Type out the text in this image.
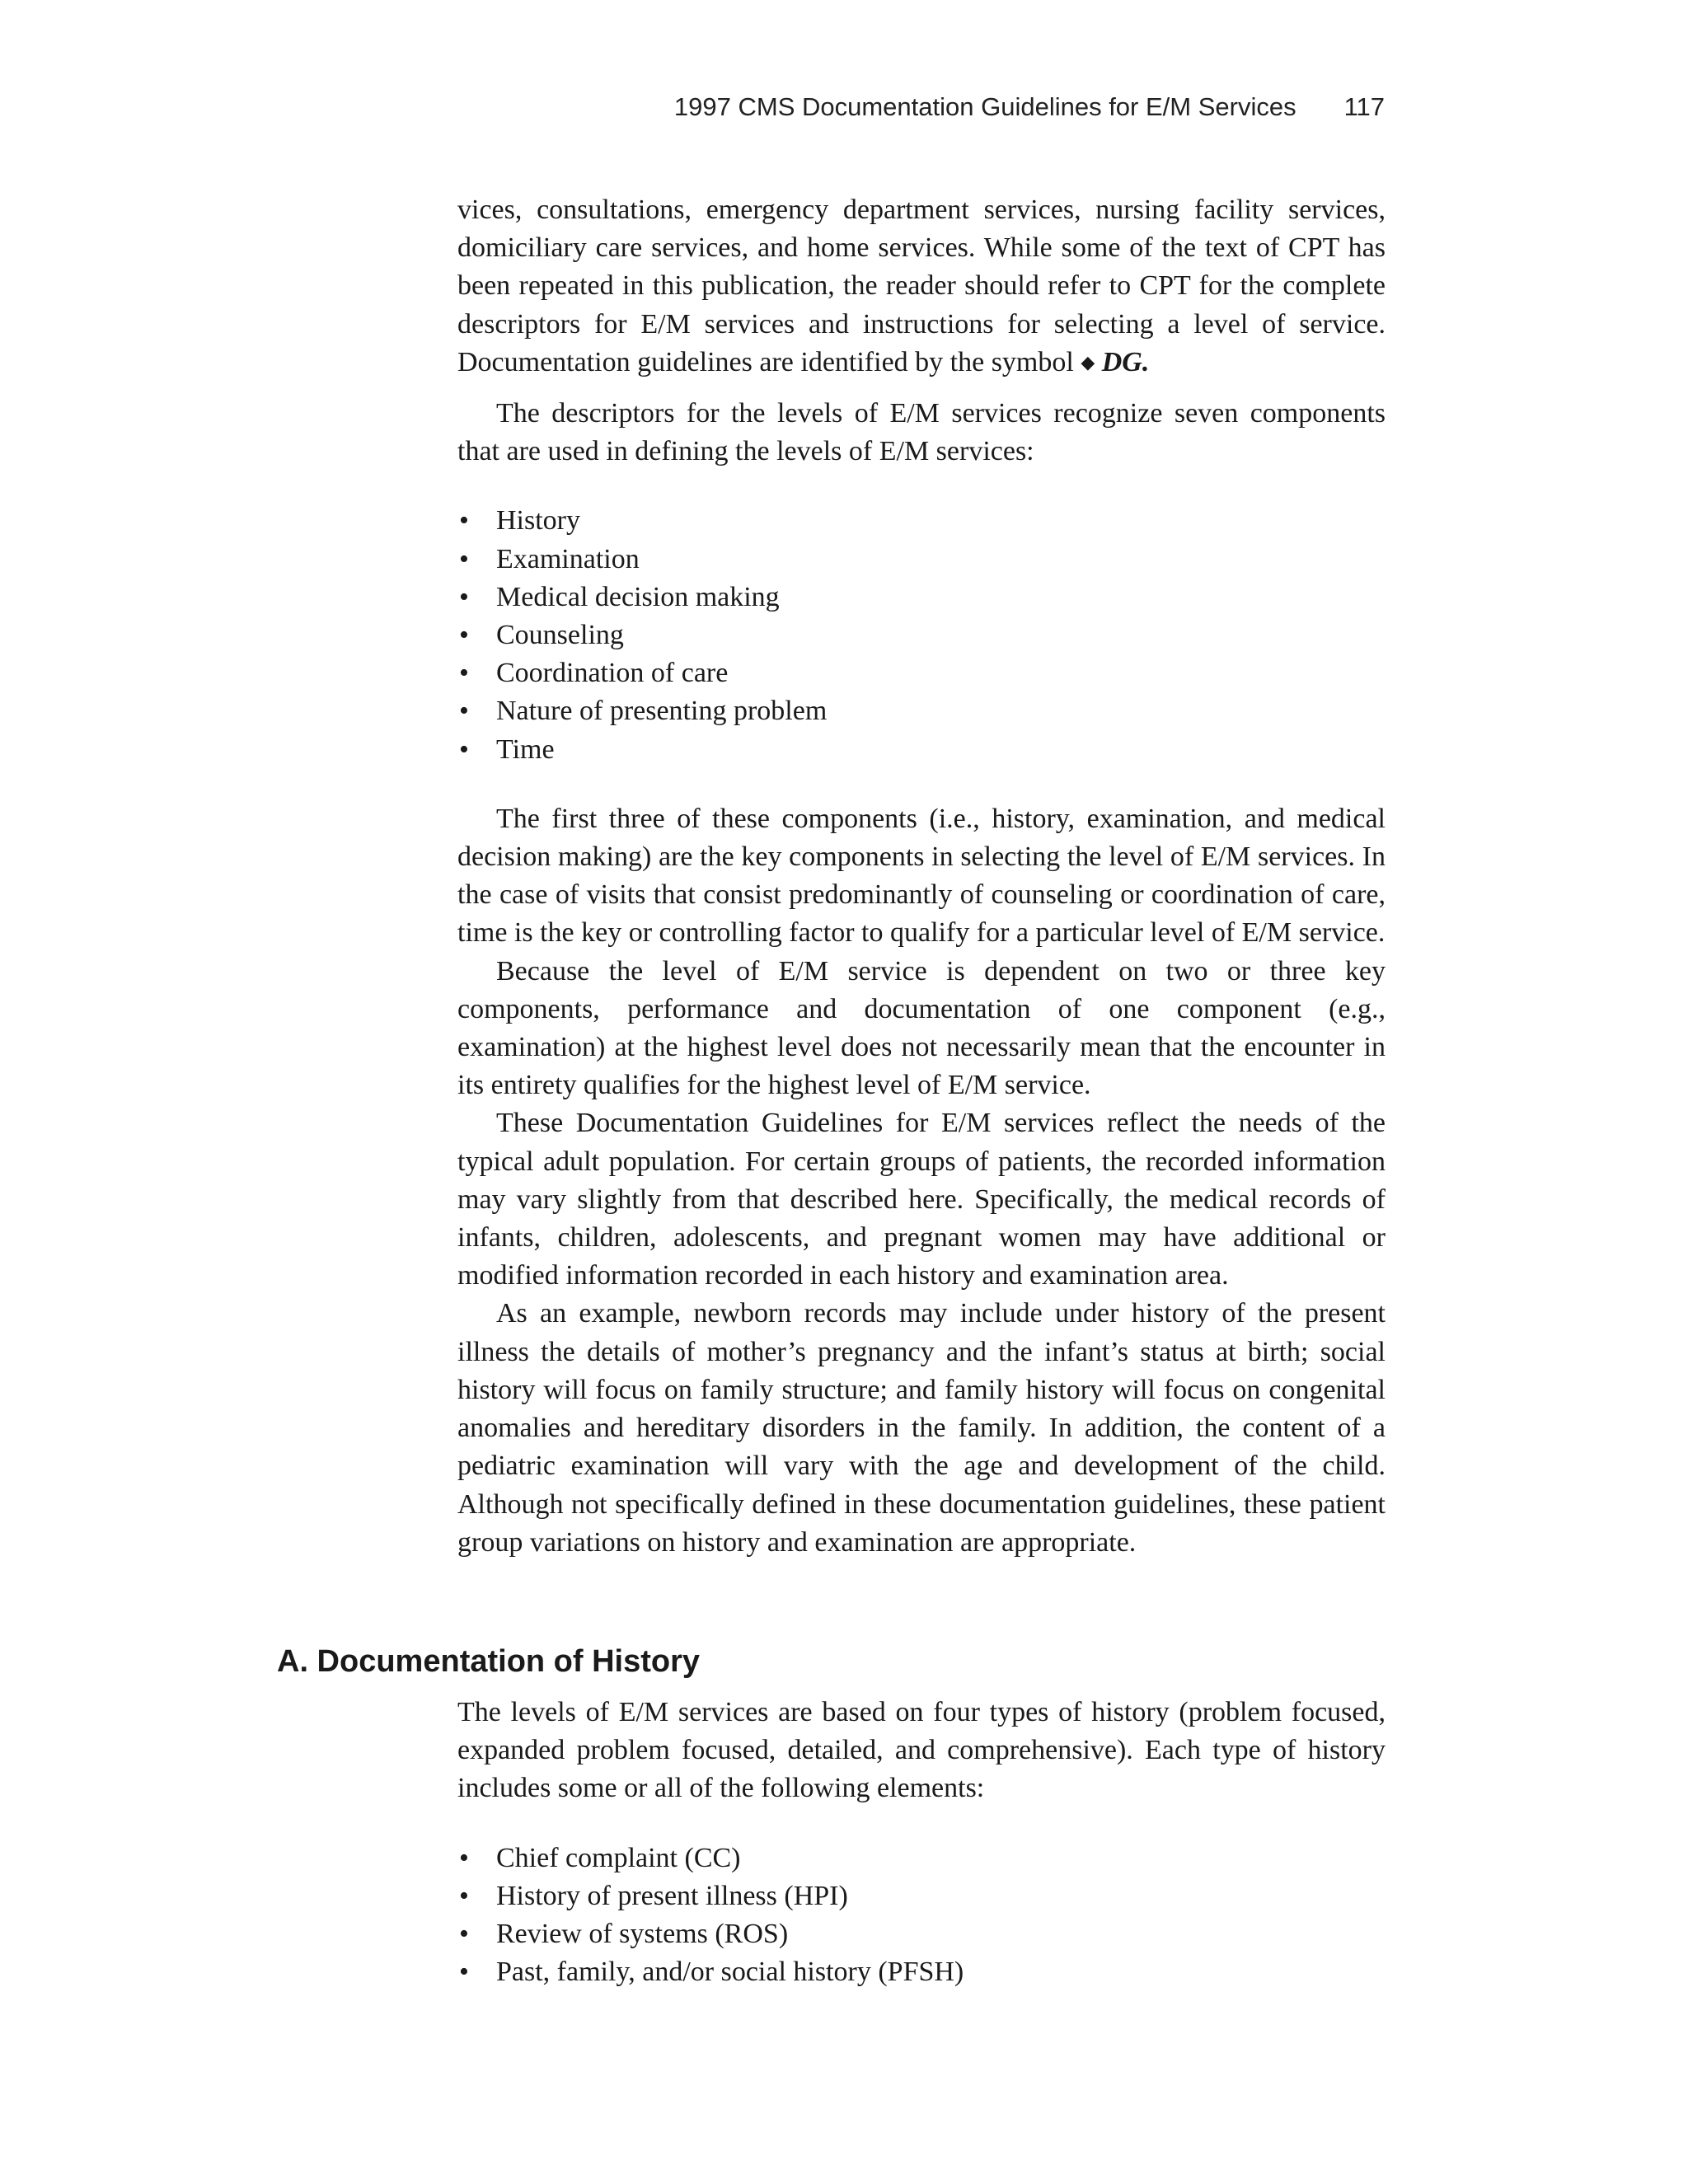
1997 CMS Documentation Guidelines for E/M Services 117

vices, consultations, emergency department services, nursing facility services, domiciliary care services, and home services. While some of the text of CPT has been repeated in this publication, the reader should refer to CPT for the complete descriptors for E/M services and instructions for selecting a level of service. Documentation guidelines are identified by the symbol ◆ DG.

The descriptors for the levels of E/M services recognize seven components that are used in defining the levels of E/M services:

• History
• Examination
• Medical decision making
• Counseling
• Coordination of care
• Nature of presenting problem
• Time

The first three of these components (i.e., history, examination, and medical decision making) are the key components in selecting the level of E/M services. In the case of visits that consist predominantly of counseling or coordination of care, time is the key or controlling factor to qualify for a particular level of E/M service.

Because the level of E/M service is dependent on two or three key components, performance and documentation of one component (e.g., examination) at the highest level does not necessarily mean that the encounter in its entirety qualifies for the highest level of E/M service.

These Documentation Guidelines for E/M services reflect the needs of the typical adult population. For certain groups of patients, the recorded information may vary slightly from that described here. Specifically, the medical records of infants, children, adolescents, and pregnant women may have additional or modified information recorded in each history and examination area.

As an example, newborn records may include under history of the present illness the details of mother’s pregnancy and the infant’s status at birth; social history will focus on family structure; and family history will focus on congenital anomalies and hereditary disorders in the family. In addition, the content of a pediatric examination will vary with the age and development of the child. Although not specifically defined in these documentation guidelines, these patient group variations on history and examination are appropriate.

A. Documentation of History

The levels of E/M services are based on four types of history (problem focused, expanded problem focused, detailed, and comprehensive). Each type of history includes some or all of the following elements:

• Chief complaint (CC)
• History of present illness (HPI)
• Review of systems (ROS)
• Past, family, and/or social history (PFSH)
